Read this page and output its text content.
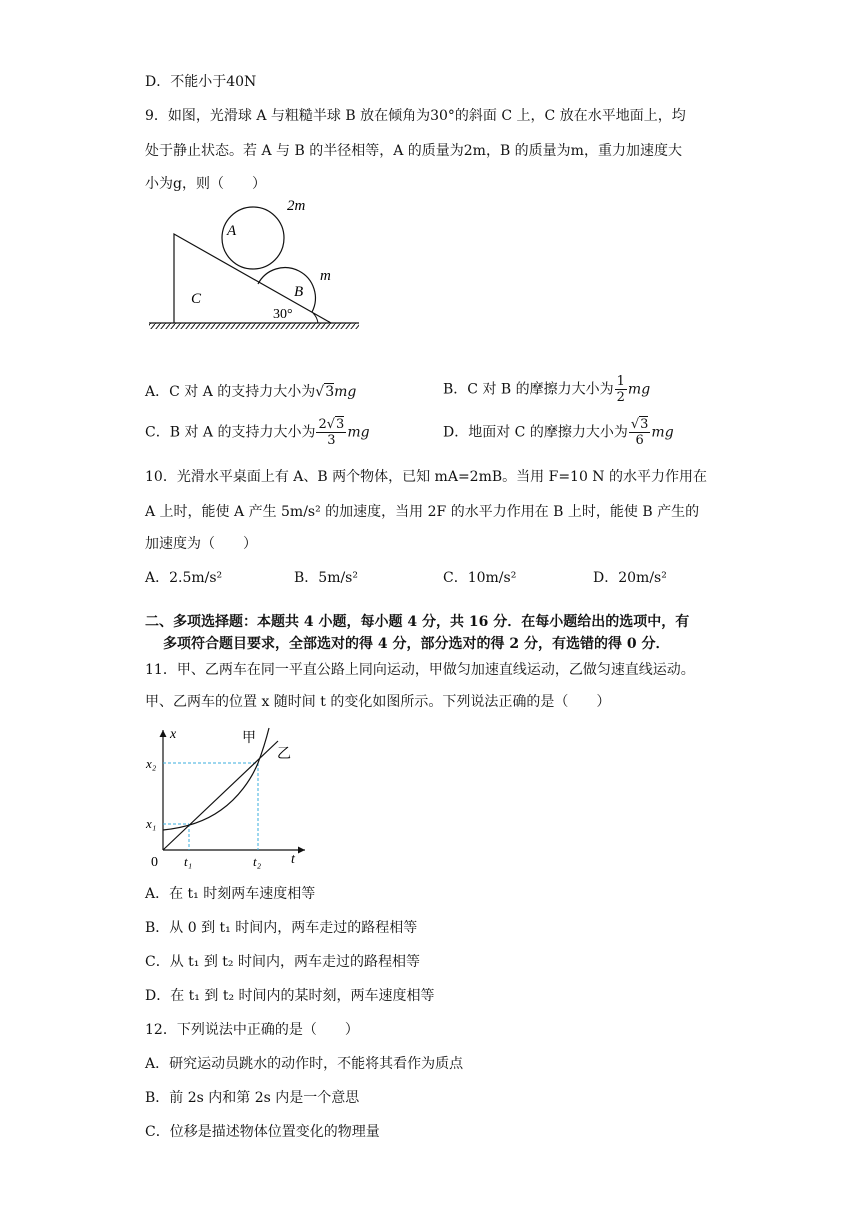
D．不能小于40N
9．如图，光滑球 A 与粗糙半球 B 放在倾角为30°的斜面 C 上，C 放在水平地面上，均
处于静止状态。若 A 与 B 的半径相等，A 的质量为2m，B 的质量为m，重力加速度大
小为g，则（　　）
A
2m
m
B
C
30°
A．C 对 A 的支持力大小为√3mg	B．C 对 B 的摩擦力大小为 $\frac{1}{2}$ mg
C．B 对 A 的支持力大小为 $\frac{2√3}{3}$ mg	D．地面对 C 的摩擦力大小为 $\frac{√3}{6}$ mg
10．光滑水平桌面上有 A、B 两个物体，已知 mA=2mB。当用 F=10 N 的水平力作用在
A 上时，能使 A 产生 5m/s² 的加速度，当用 2F 的水平力作用在 B 上时，能使 B 产生的
加速度为（　　）
A．2.5m/s²	B．5m/s²	C．10m/s²	D．20m/s²
二、多项选择题：本题共 4 小题，每小题 4 分，共 16 分．在每小题给出的选项中，有
多项符合题目要求，全部选对的得 4 分，部分选对的得 2 分，有选错的得 0 分．
11．甲、乙两车在同一平直公路上同向运动，甲做匀加速直线运动，乙做匀速直线运动。
甲、乙两车的位置 x 随时间 t 的变化如图所示。下列说法正确的是（　　）
x
t
0
x₁
x₂
t₁	t₂
甲
乙
A．在 t₁ 时刻两车速度相等
B．从 0 到 t₁ 时间内，两车走过的路程相等
C．从 t₁ 到 t₂ 时间内，两车走过的路程相等
D．在 t₁ 到 t₂ 时间内的某时刻，两车速度相等
12．下列说法中正确的是（　　）
A．研究运动员跳水的动作时，不能将其看作为质点
B．前 2s 内和第 2s 内是一个意思
C．位移是描述物体位置变化的物理量
